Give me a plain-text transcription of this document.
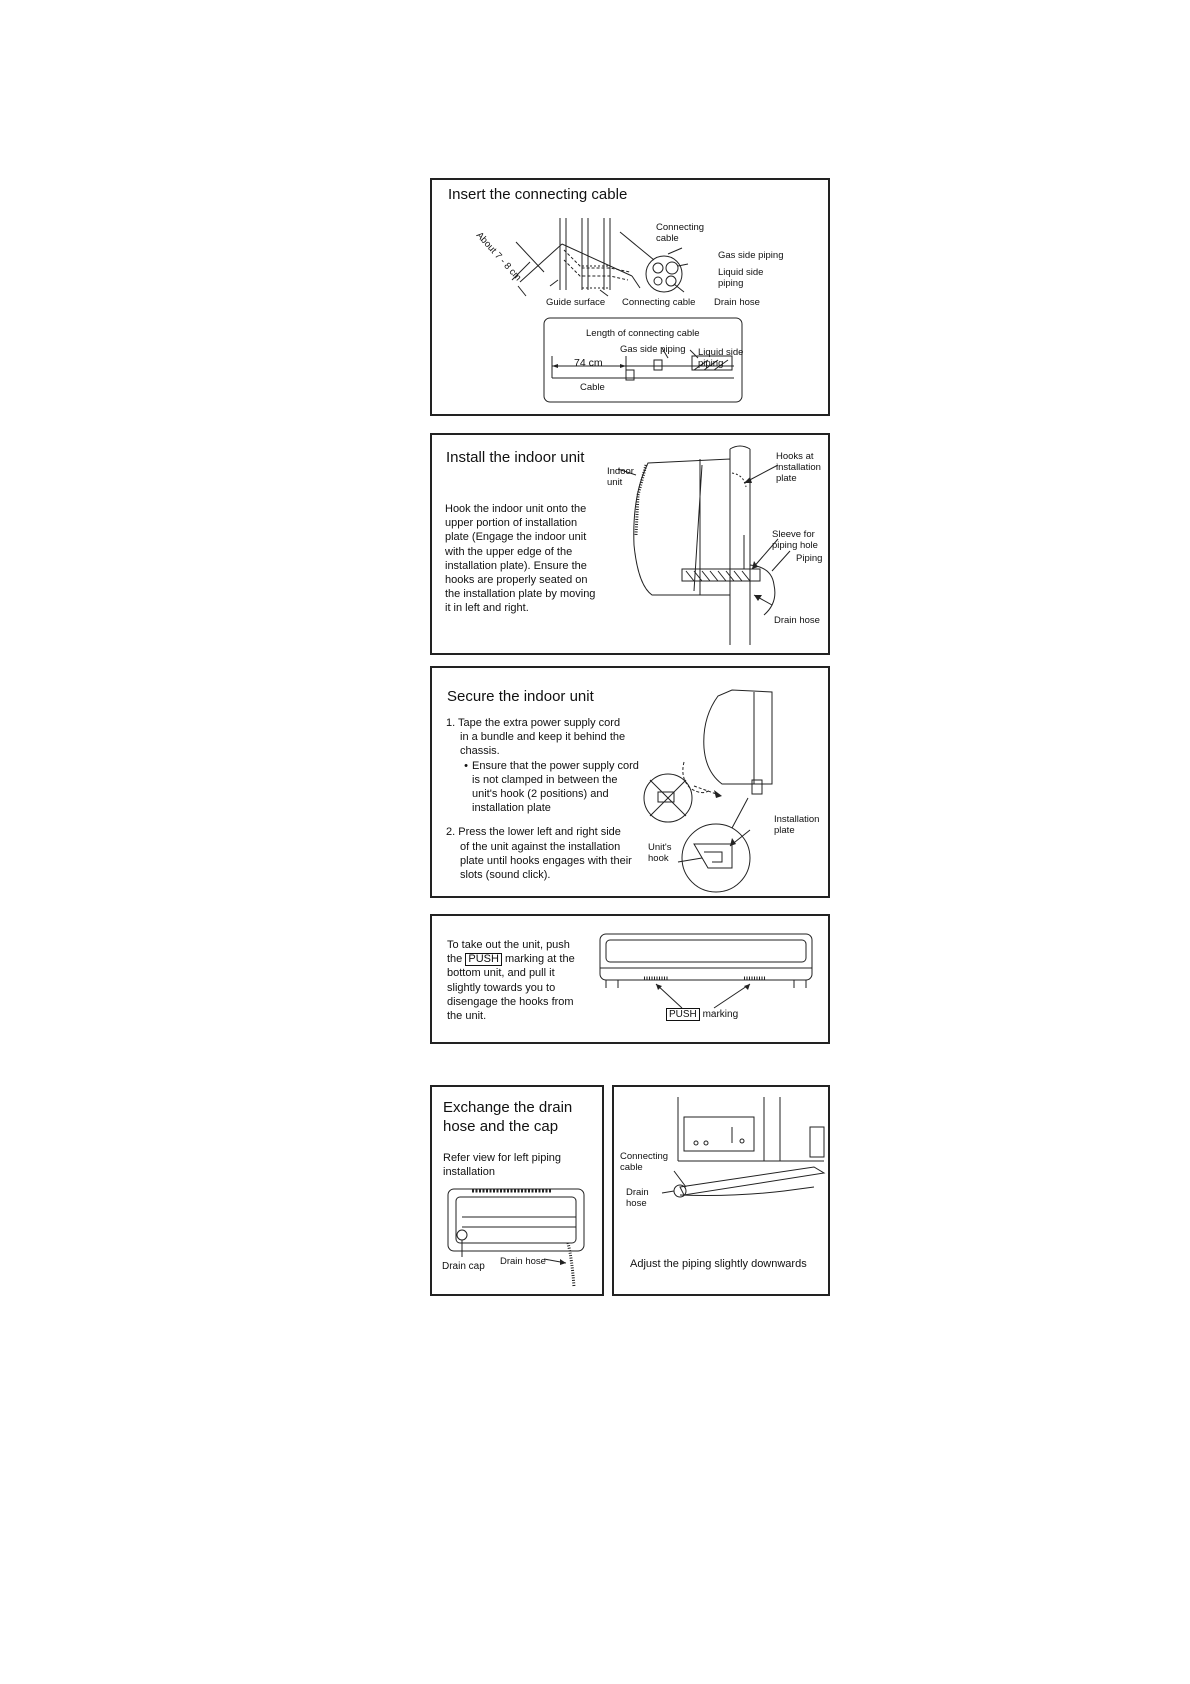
Insert the connecting cable
About 7 - 8 cm
Connecting
cable
Gas side piping
Liquid side
piping
Guide surface Connecting cable Drain hose
Length of connecting cable
Gas side piping Liquid side
piping
74 cm
Cable
Install the indoor unit
Hook the indoor unit onto the
upper portion of installation
plate (Engage the indoor unit
with the upper edge of the
installation plate). Ensure the
hooks are properly seated on
the installation plate by moving
it in left and right.
Indoor
unit
Hooks at
installation
plate
Sleeve for
piping hole
Piping
Drain hose
Secure the indoor unit
1. Tape the extra power supply cord
in a bundle and keep it behind the
chassis.
• Ensure that the power supply cord
is not clamped in between the
unit's hook (2 positions) and
installation plate
2. Press the lower left and right side
of the unit against the installation
plate until hooks engages with their
slots (sound click).
Installation
plate
Unit's
hook
To take out the unit, push
the PUSH marking at the
bottom unit, and pull it
slightly towards you to
disengage the hooks from
the unit.	PUSH marking
Exchange the drain
hose and the cap
Refer view for left piping
installation
Drain cap Drain hose
Connecting
cable
Drain
hose
Adjust the piping slightly downwards
